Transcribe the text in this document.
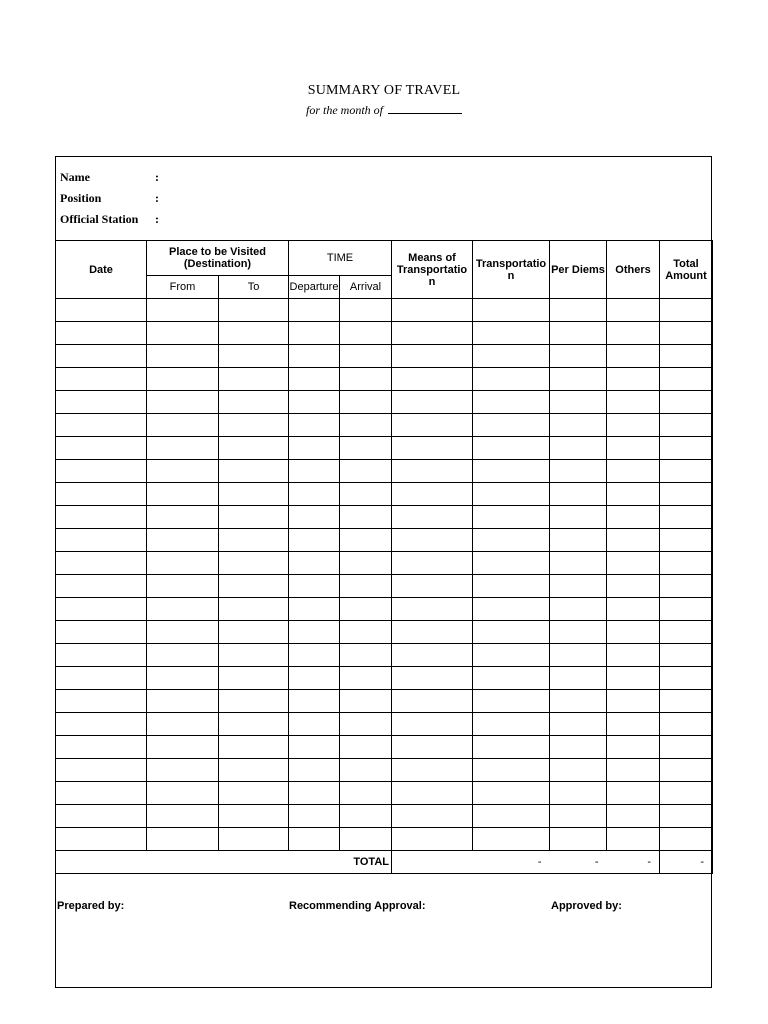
SUMMARY OF TRAVEL
for the month of
Name	:
Position	:
Official Station :
Date	Place to be Visited (Destination)		TIME		Means of Transportatio n	Transportatio n	Per Diems	Others	Total Amount
	From	To	Departure	Arrival					

TOTAL						-	-	-	-
Prepared by:	Recommending Approval:	Approved by:
